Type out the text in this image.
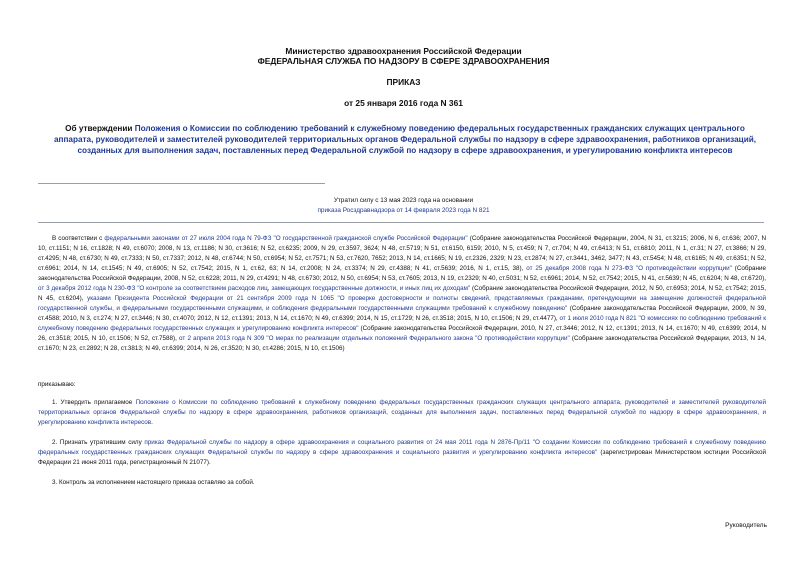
Министерство здравоохранения Российской Федерации
ФЕДЕРАЛЬНАЯ СЛУЖБА ПО НАДЗОРУ В СФЕРЕ ЗДРАВООХРАНЕНИЯ
ПРИКАЗ
от 25 января 2016 года N 361
Об утверждении Положения о Комиссии по соблюдению требований к служебному поведению федеральных государственных гражданских служащих центрального аппарата, руководителей и заместителей руководителей территориальных органов Федеральной службы по надзору в сфере здравоохранения, работников организаций, созданных для выполнения задач, поставленных перед Федеральной службой по надзору в сфере здравоохранения, и урегулированию конфликта интересов
Утратил силу с 13 мая 2023 года на основании
приказа Росздравнадзора от 14 февраля 2023 года N 821

В соответствии с федеральными законами от 27 июля 2004 года N 79-ФЗ "О государственной гражданской службе Российской Федерации" (Собрание законодательства Российской Федерации, 2004, N 31, ст.3215; 2006, N 6, ст.636; 2007, N 10, ст.1151; N 16, ст.1828; N 49, ст.6070; 2008, N 13, ст.1186; N 30, ст.3616; N 52, ст.6235; 2009, N 29, ст.3597, 3624; N 48, ст.5719; N 51, ст.6150, 6159; 2010, N 5, ст.459; N 7, ст.704; N 49, ст.6413; N 51, ст.6810; 2011, N 1, ст.31; N 27, ст.3866; N 29, ст.4295; N 48, ст.6730; N 49, ст.7333; N 50, ст.7337; 2012, N 48, ст.6744; N 50, ст.6954; N 52, ст.7571; N 53, ст.7620, 7652; 2013, N 14, ст.1665; N 19, ст.2326, 2329; N 23, ст.2874; N 27, ст.3441, 3462, 3477; N 43, ст.5454; N 48, ст.6165; N 49, ст.6351; N 52, ст.6961; 2014, N 14, ст.1545; N 49, ст.6905; N 52, ст.7542; 2015, N 1, ст.62, 63; N 14, ст.2008; N 24, ст.3374; N 29, ст.4388; N 41, ст.5639; 2016, N 1, ст.15, 38), от 25 декабря 2008 года N 273-ФЗ "О противодействии коррупции" (Собрание законодательства Российской Федерации, 2008, N 52, ст.6228; 2011, N 29, ст.4291; N 48, ст.6730; 2012, N 50, ст.6954; N 53, ст.7605; 2013, N 19, ст.2329; N 40, ст.5031; N 52, ст.6961; 2014, N 52, ст.7542; 2015, N 41, ст.5639; N 45, ст.6204; N 48, ст.6720), от 3 декабря 2012 года N 230-ФЗ "О контроле за соответствием расходов лиц, замещающих государственные должности, и иных лиц их доходам" (Собрание законодательства Российской Федерации, 2012, N 50, ст.6953; 2014, N 52, ст.7542; 2015, N 45, ст.6204), указами Президента Российской Федерации от 21 сентября 2009 года N 1065 "О проверке достоверности и полноты сведений, представляемых гражданами, претендующими на замещение должностей федеральной государственной службы, и федеральными государственными служащими, и соблюдения федеральными государственными служащими требований к служебному поведению" (Собрание законодательства Российской Федерации, 2009, N 39, ст.4588; 2010, N 3, ст.274; N 27, ст.3446; N 30, ст.4070; 2012, N 12, ст.1391; 2013, N 14, ст.1670; N 49, ст.6399; 2014, N 15, ст.1729; N 26, ст.3518; 2015, N 10, ст.1506; N 29, ст.4477), от 1 июля 2010 года N 821 "О комиссиях по соблюдению требований к служебному поведению федеральных государственных служащих и урегулированию конфликта интересов" (Собрание законодательства Российской Федерации, 2010, N 27, ст.3446; 2012, N 12, ст.1391; 2013, N 14, ст.1670; N 49, ст.6399; 2014, N 26, ст.3518; 2015, N 10, ст.1506; N 52, ст.7588), от 2 апреля 2013 года N 309 "О мерах по реализации отдельных положений Федерального закона "О противодействии коррупции" (Собрание законодательства Российской Федерации, 2013, N 14, ст.1670; N 23, ст.2892; N 28, ст.3813; N 49, ст.6399; 2014, N 26, ст.3520; N 30, ст.4286; 2015, N 10, ст.1506)

приказываю:

1. Утвердить прилагаемое Положение о Комиссии по соблюдению требований к служебному поведению федеральных государственных гражданских служащих центрального аппарата, руководителей и заместителей руководителей территориальных органов Федеральной службы по надзору в сфере здравоохранения, работников организаций, созданных для выполнения задач, поставленных перед Федеральной службой по надзору в сфере здравоохранения, и урегулированию конфликта интересов.

2. Признать утратившим силу приказ Федеральной службы по надзору в сфере здравоохранения и социального развития от 24 мая 2011 года N 2876-Пр/11 "О создании Комиссии по соблюдению требований к служебному поведению федеральных государственных гражданских служащих Федеральной службы по надзору в сфере здравоохранения и социального развития и урегулированию конфликта интересов" (зарегистрирован Министерством юстиции Российской Федерации 21 июня 2011 года, регистрационный N 21077).

3. Контроль за исполнением настоящего приказа оставляю за собой.

Руководитель
